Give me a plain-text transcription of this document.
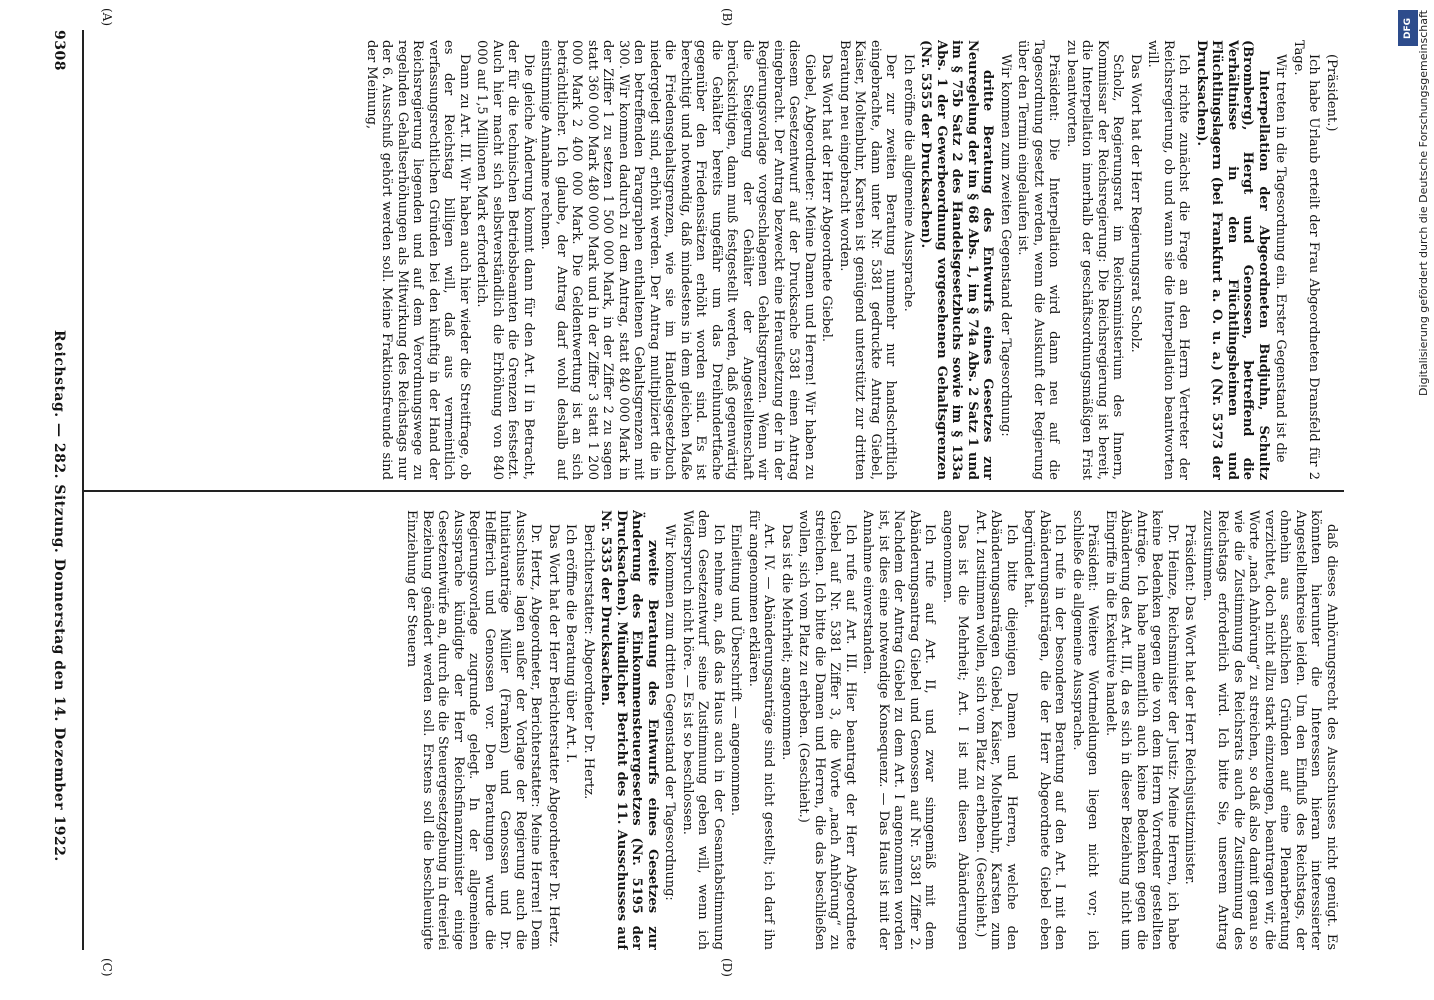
9308
Reichstag. — 282. Sitzung. Donnerstag den 14. Dezember 1922.
(A)	(B)
(C)	(D)

(Präsident.)

Ich habe Urlaub erteilt der Frau Abgeordneten Dransfeld für 2 Tage.

Wir treten in die Tagesordnung ein. Erster Gegenstand ist die

Interpellation der Abgeordneten Budjuhn, Schultz (Bromberg), Hergt und Genossen, betreffend die Verhältnisse in den Flüchtlingsheimen und Flüchtlingslagern (bei Frankfurt a. O. u. a.) (Nr. 5373 der Drucksachen).

Ich richte zunächst die Frage an den Herrn Vertreter der Reichsregierung, ob und wann sie die Interpellation beantworten will.

Das Wort hat der Herr Regierungsrat Scholz.

Scholz, Regierungsrat im Reichsministerium des Innern, Kommissar der Reichsregierung: Die Reichsregierung ist bereit, die Interpellation innerhalb der geschäftsordnungsmäßigen Frist zu beantworten.

Präsident: Die Interpellation wird dann neu auf die Tagesordnung gesetzt werden, wenn die Auskunft der Regierung über den Termin eingelaufen ist.

Wir kommen zum zweiten Gegenstand der Tagesordnung:

dritte Beratung des Entwurfs eines Gesetzes zur Neuregelung der im § 68 Abs. 1, im § 74a Abs. 2 Satz 1 und im § 75b Satz 2 des Handelsgesetzbuchs sowie im § 133a Abs. 1 der Gewerbeordnung vorgesehenen Gehaltsgrenzen (Nr. 5355 der Drucksachen).

Ich eröffne die allgemeine Aussprache.

Der zur zweiten Beratung nunmehr nur handschriftlich eingebrachte, dann unter Nr. 5381 gedruckte Antrag Giebel, Kaiser, Moltenbuhr, Karsten ist genügend unterstützt zur dritten Beratung neu eingebracht worden.

Das Wort hat der Herr Abgeordnete Giebel.

Giebel, Abgeordneter: Meine Damen und Herren! Wir haben zu diesem Gesetzentwurf auf der Drucksache 5381 einen Antrag eingebracht. Der Antrag bezweckt eine Heraufsetzung der in der Regierungsvorlage vorgeschlagenen Gehaltsgrenzen. Wenn wir die Steigerung der Gehälter der Angestelltenschaft berücksichtigen, dann muß festgestellt werden, daß gegenwärtig die Gehälter bereits ungefähr um das Dreihundertfache gegenüber den Friedenssätzen erhöht worden sind. Es ist berechtigt und notwendig, daß mindestens in dem gleichen Maße die Friedensgehaltsgrenzen, wie sie im Handelsgesetzbuch niedergelegt sind, erhöht werden. Der Antrag multipliziert die in den betreffenden Paragraphen enthaltenen Gehaltsgrenzen mit 300. Wir kommen dadurch zu dem Antrag, statt 840 000 Mark in der Ziffer 1 zu setzen 1 500 000 Mark, in der Ziffer 2 zu sagen statt 360 000 Mark 480 000 Mark und in der Ziffer 3 statt 1 200 000 Mark 2 400 000 Mark. Die Geldentwertung ist an sich beträchtlicher. Ich glaube, der Antrag darf wohl deshalb auf einstimmige Annahme rechnen.

Die gleiche Änderung kommt dann für den Art. II in Betracht, der für die technischen Betriebsbeamten die Grenzen festsetzt. Auch hier macht sich selbstverständlich die Erhöhung von 840 000 auf 1,5 Millionen Mark erforderlich.

Dann zu Art. III. Wir haben auch hier wieder die Streitfrage, ob es der Reichstag billigen will, daß aus vermeintlich verfassungsrechtlichen Gründen bei den künftig in der Hand der Reichsregierung liegenden und auf dem Verordnungswege zu regelnden Gehaltserhöhungen als Mitwirkung des Reichstags nur der 6. Ausschuß gehört werden soll. Meine Fraktionsfreunde sind der Meinung,

daß dieses Anhörungsrecht des Ausschusses nicht genügt. Es könnten hierunter die Interessen hieran interessierter Angestelltenkreise leiden. Um den Einfluß des Reichstags, der ohnehin aus sachlichen Gründen auf eine Plenarberatung verzichtet, doch nicht allzu stark einzuengen, beantragen wir, die Worte „nach Anhörung“ zu streichen, so daß also damit genau so wie die Zustimmung des Reichsrats auch die Zustimmung des Reichstags erforderlich wird. Ich bitte Sie, unserem Antrag zuzustimmen.

Präsident: Das Wort hat der Herr Reichsjustizminister.

Dr. Heinze, Reichsminister der Justiz: Meine Herren, ich habe keine Bedenken gegen die von dem Herrn Vorredner gestellten Anträge. Ich habe namentlich auch keine Bedenken gegen die Abänderung des Art. III, da es sich in dieser Beziehung nicht um Eingriffe in die Exekutive handelt.

Präsident: Weitere Wortmeldungen liegen nicht vor; ich schließe die allgemeine Aussprache.

Ich rufe in der besonderen Beratung auf den Art. I mit den Abänderungsanträgen, die der Herr Abgeordnete Giebel eben begründet hat.

Ich bitte diejenigen Damen und Herren, welche den Abänderungsanträgen Giebel, Kaiser, Moltenbuhr, Karsten zum Art. I zustimmen wollen, sich vom Platz zu erheben. (Geschieht.)

Das ist die Mehrheit; Art. I ist mit diesen Abänderungen angenommen.

Ich rufe auf Art. II, und zwar sinngemäß mit dem Abänderungsantrag Giebel und Genossen auf Nr. 5381 Ziffer 2. Nachdem der Antrag Giebel zu dem Art. I angenommen worden ist, ist dies eine notwendige Konsequenz. — Das Haus ist mit der Annahme einverstanden.

Ich rufe auf Art. III. Hier beantragt der Herr Abgeordnete Giebel auf Nr. 5381 Ziffer 3, die Worte „nach Anhörung“ zu streichen. Ich bitte die Damen und Herren, die das beschließen wollen, sich vom Platz zu erheben. (Geschieht.)

Das ist die Mehrheit; angenommen.

Art. IV. — Abänderungsanträge sind nicht gestellt; ich darf ihn für angenommen erklären.

Einleitung und Überschrift — angenommen.

Ich nehme an, daß das Haus auch in der Gesamtabstimmung dem Gesetzentwurf seine Zustimmung geben will, wenn ich Widerspruch nicht höre. — Es ist so beschlossen.

Wir kommen zum dritten Gegenstand der Tagesordnung:

zweite Beratung des Entwurfs eines Gesetzes zur Änderung des Einkommensteuergesetzes (Nr. 5195 der Drucksachen). Mündlicher Bericht des 11. Ausschusses auf Nr. 5335 der Drucksachen.

Berichterstatter: Abgeordneter Dr. Hertz.

Ich eröffne die Beratung über Art. I.

Das Wort hat der Herr Berichterstatter Abgeordneter Dr. Hertz.

Dr. Hertz, Abgeordneter, Berichterstatter: Meine Herren! Dem Ausschusse lagen außer der Vorlage der Regierung auch die Initiativanträge Müller (Franken) und Genossen und Dr. Helfferich und Genossen vor. Den Beratungen wurde die Regierungsvorlage zugrunde gelegt. In der allgemeinen Aussprache kündigte der Herr Reichsfinanzminister einige Gesetzentwürfe an, durch die die Steuergesetzgebung in dreierlei Beziehung geändert werden soll. Erstens soll die beschleunigte Einziehung der Steuern

DFG Digitalisierung gefördert durch die Deutsche Forschungsgemeinschaft
